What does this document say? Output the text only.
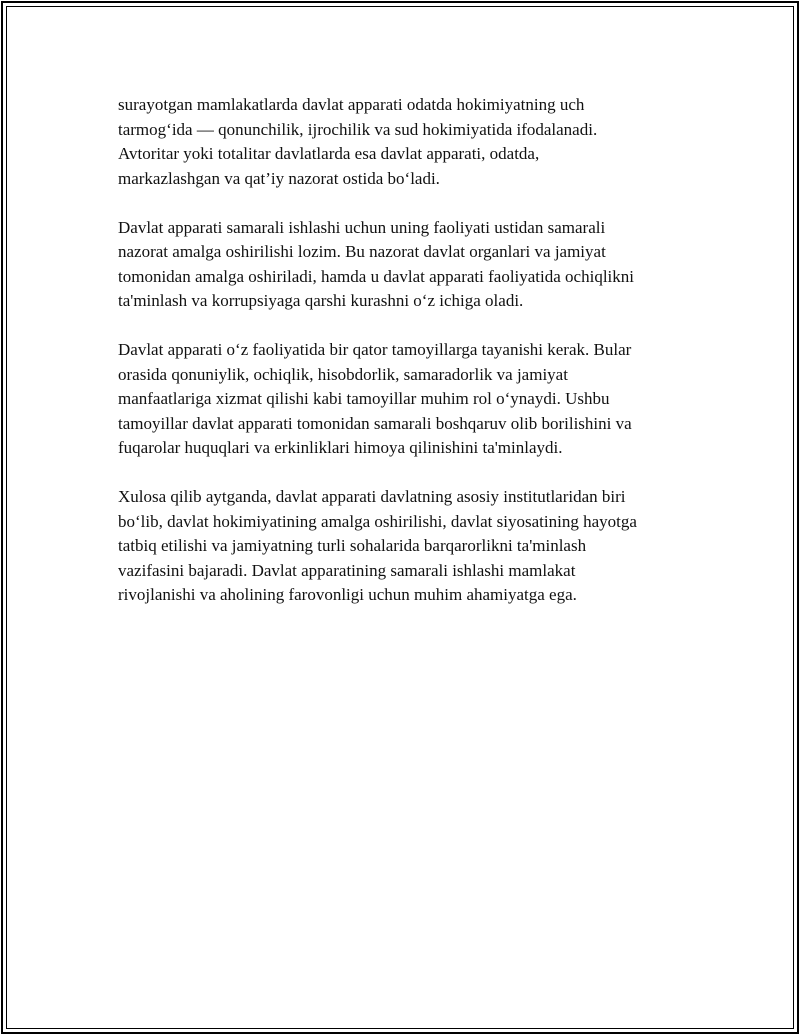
surayotgan mamlakatlarda davlat apparati odatda hokimiyatning uch
tarmog‘ida — qonunchilik, ijrochilik va sud hokimiyatida ifodalanadi.
Avtoritar yoki totalitar davlatlarda esa davlat apparati, odatda,
markazlashgan va qat’iy nazorat ostida bo‘ladi.

Davlat apparati samarali ishlashi uchun uning faoliyati ustidan samarali
nazorat amalga oshirilishi lozim. Bu nazorat davlat organlari va jamiyat
tomonidan amalga oshiriladi, hamda u davlat apparati faoliyatida ochiqlikni
ta'minlash va korrupsiyaga qarshi kurashni o‘z ichiga oladi.

Davlat apparati o‘z faoliyatida bir qator tamoyillarga tayanishi kerak. Bular
orasida qonuniylik, ochiqlik, hisobdorlik, samaradorlik va jamiyat
manfaatlariga xizmat qilishi kabi tamoyillar muhim rol o‘ynaydi. Ushbu
tamoyillar davlat apparati tomonidan samarali boshqaruv olib borilishini va
fuqarolar huquqlari va erkinliklari himoya qilinishini ta'minlaydi.

Xulosa qilib aytganda, davlat apparati davlatning asosiy institutlaridan biri
bo‘lib, davlat hokimiyatining amalga oshirilishi, davlat siyosatining hayotga
tatbiq etilishi va jamiyatning turli sohalarida barqarorlikni ta'minlash
vazifasini bajaradi. Davlat apparatining samarali ishlashi mamlakat
rivojlanishi va aholining farovonligi uchun muhim ahamiyatga ega.
